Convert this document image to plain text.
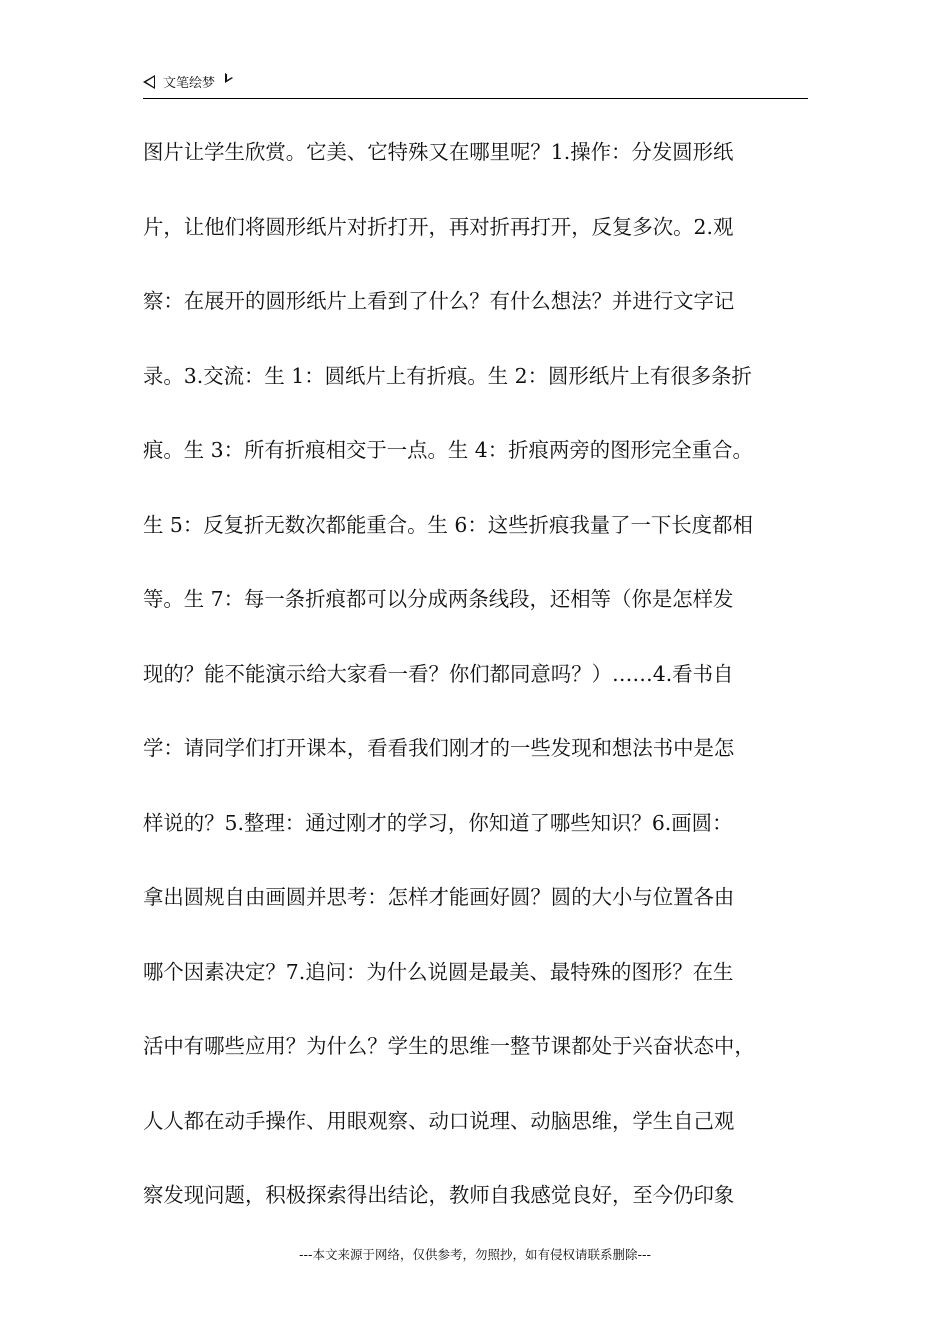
文笔绘梦
图片让学生欣赏。它美、它特殊又在哪里呢？1.操作：分发圆形纸
片，让他们将圆形纸片对折打开，再对折再打开，反复多次。2.观
察：在展开的圆形纸片上看到了什么？有什么想法？并进行文字记
录。3.交流：生 1：圆纸片上有折痕。生 2：圆形纸片上有很多条折
痕。生 3：所有折痕相交于一点。生 4：折痕两旁的图形完全重合。
生 5：反复折无数次都能重合。生 6：这些折痕我量了一下长度都相
等。生 7：每一条折痕都可以分成两条线段，还相等（你是怎样发
现的？能不能演示给大家看一看？你们都同意吗？）……4.看书自
学：请同学们打开课本，看看我们刚才的一些发现和想法书中是怎
样说的？5.整理：通过刚才的学习，你知道了哪些知识？6.画圆：
拿出圆规自由画圆并思考：怎样才能画好圆？圆的大小与位置各由
哪个因素决定？7.追问：为什么说圆是最美、最特殊的图形？在生
活中有哪些应用？为什么？学生的思维一整节课都处于兴奋状态中，
人人都在动手操作、用眼观察、动口说理、动脑思维，学生自己观
察发现问题，积极探索得出结论，教师自我感觉良好，至今仍印象
---本文来源于网络，仅供参考，勿照抄，如有侵权请联系删除---
